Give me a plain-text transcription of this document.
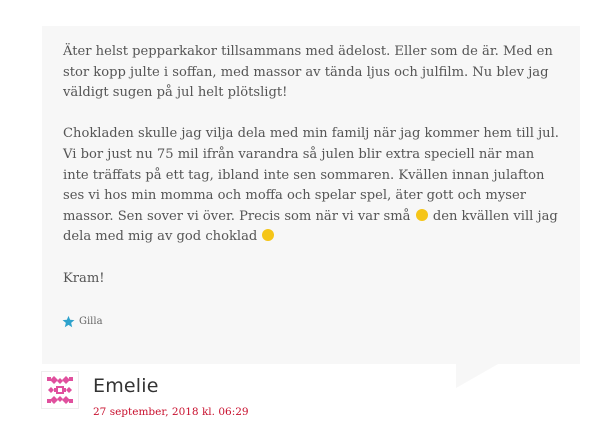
Äter helst pepparkakor tillsammans med ädelost. Eller som de är. Med en stor kopp julte i soffan, med massor av tända ljus och julfilm. Nu blev jag väldigt sugen på jul helt plötsligt!

Chokladen skulle jag vilja dela med min familj när jag kommer hem till jul. Vi bor just nu 75 mil ifrån varandra så julen blir extra speciell när man inte träffats på ett tag, ibland inte sen sommaren. Kvällen innan julafton ses vi hos min momma och moffa och spelar spel, äter gott och myser massor. Sen sover vi över. Precis som när vi var små  den kvällen vill jag dela med mig av god choklad

Kram!

Gilla
Emelie
27 september, 2018 kl. 06:29
